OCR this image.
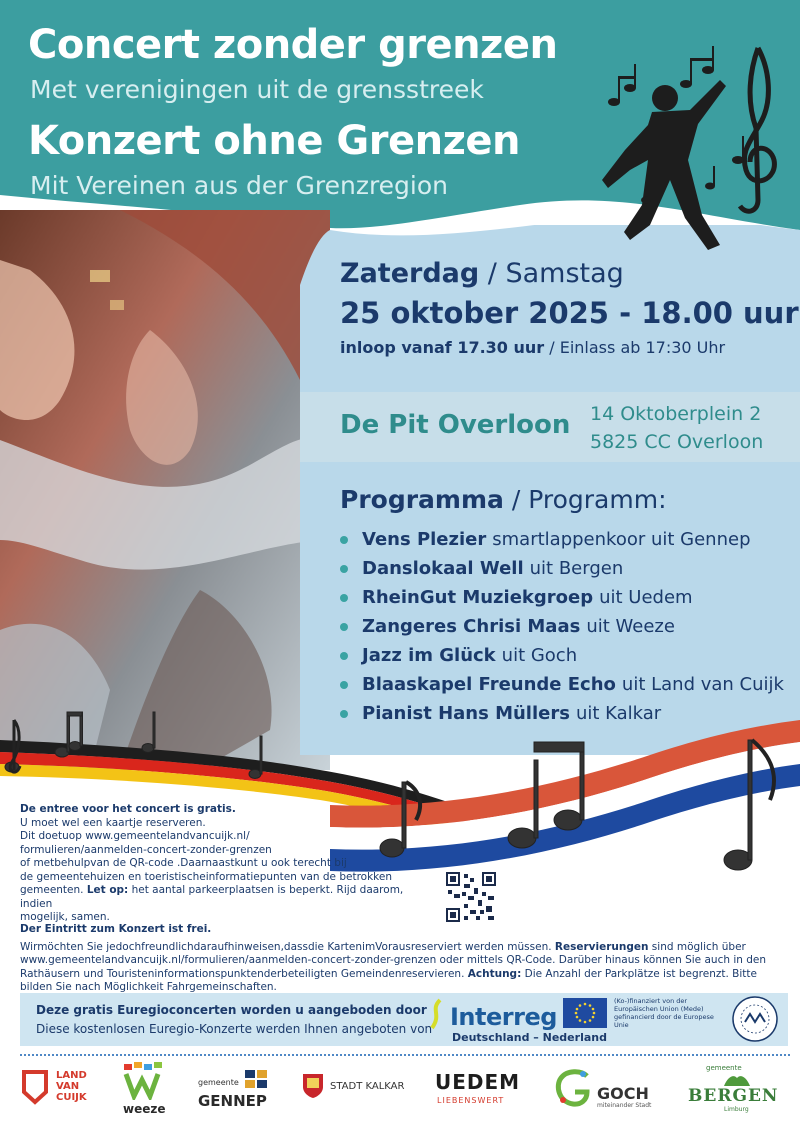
Concert zonder grenzen
Met verenigingen uit de grensstreek
Konzert ohne Grenzen
Mit Vereinen aus der Grenzregion
Zaterdag / Samstag
25 oktober 2025 - 18.00 uur
inloop vanaf 17.30 uur / Einlass ab 17:30 Uhr
De Pit Overloon 14 Oktoberplein 2
5825 CC Overloon
Programma / Programm:
Vens Plezier smartlappenkoor uit Gennep
Danslokaal Well uit Bergen
RheinGut Muziekgroep uit Uedem
Zangeres Chrisi Maas uit Weeze
Jazz im Glück uit Goch
Blaaskapel Freunde Echo uit Land van Cuijk
Pianist Hans Müllers uit Kalkar
De entree voor het concert is gratis.
U moet wel een kaartje reserveren.
Dit doetuop www.gemeentelandvancuijk.nl/
formulieren/aanmelden-concert-zonder-grenzen
of metbehulpvan de QR-code .Daarnaastkunt u ook terecht bij
de gemeentehuizen en toeristischeinformatiepunten van de betrokken
gemeenten. Let op: het aantal parkeerplaatsen is beperkt. Rijd daarom, indien
mogelijk, samen.
Der Eintritt zum Konzert ist frei.
Wirmöchten Sie jedochfreundlichdaraufhinweisen,dassdie KartenimVorausreserviert werden müssen. Reservierungen sind möglich über www.gemeentelandvancuijk.nl/formulieren/aanmelden-concert-zonder-grenzen oder mittels QR-Code. Darüber hinaus können Sie auch in den Rathäusern und Touristeninformationspunktenderbeteiligten Gemeindenreservieren. Achtung: Die Anzahl der Parkplätze ist begrenzt. Bitte bilden Sie nach Möglichkeit Fahrgemeinschaften.
Deze gratis Euregioconcerten worden u aangeboden door
Diese kostenlosen Euregio-Konzerte werden Ihnen angeboten von Interreg
Deutschland – Nederland
(Ko-)finanziert von der Europäischen Union (Mede) gefinancierd door de Europese Unie
LAND
VAN
CUIJK
weeze
gemeente
GENNEP
STADT KALKAR UEDEM
LIEBENSWERT	GOCH
miteinander Stadt
gemeente
BERGEN
Limburg
